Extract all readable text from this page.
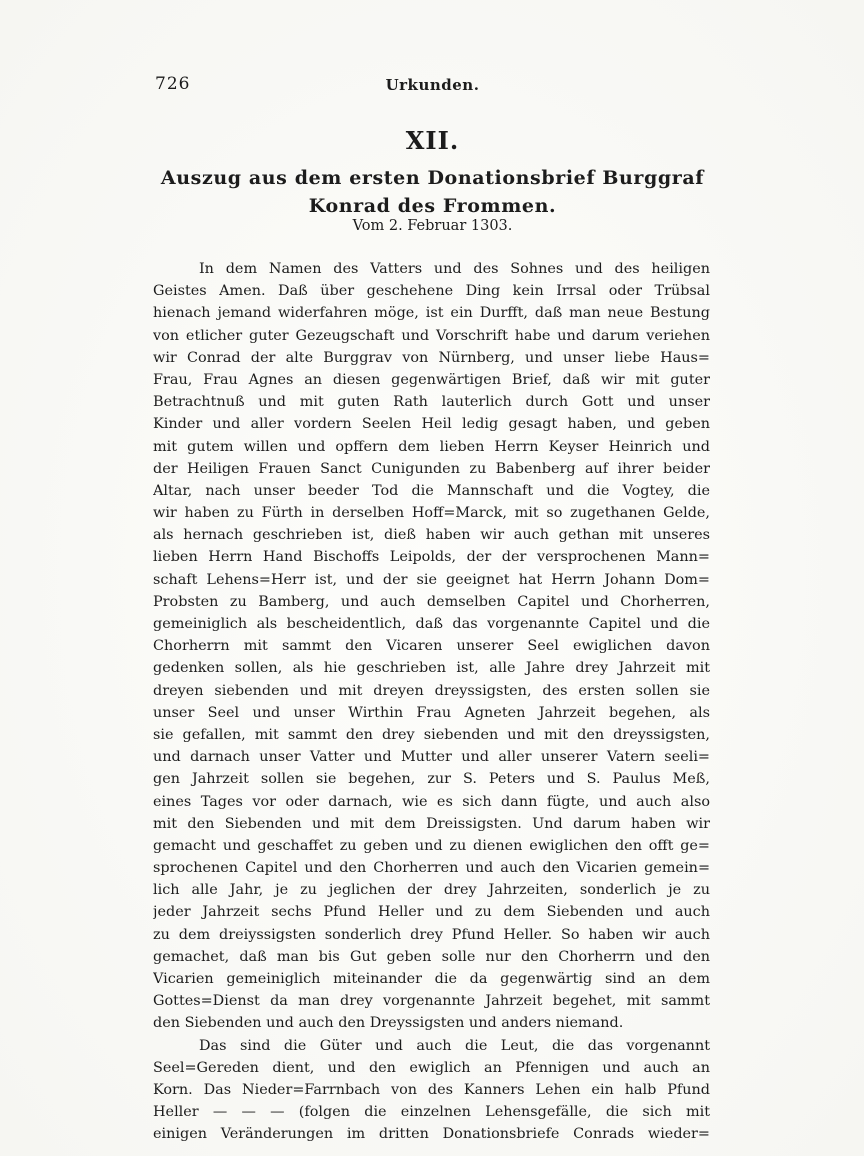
726	Urkunden.
XII.
Auszug aus dem ersten Donationsbrief Burggraf
Konrad des Frommen.
Vom 2. Februar 1303.
In dem Namen des Vatters und des Sohnes und des heiligen
Geistes Amen. Daß über geschehene Ding kein Irrsal oder Trübsal
hienach jemand widerfahren möge, ist ein Durfft, daß man neue Bestung
von etlicher guter Gezeugschaft und Vorschrift habe und darum veriehen
wir Conrad der alte Burggrav von Nürnberg, und unser liebe Haus=
Frau, Frau Agnes an diesen gegenwärtigen Brief, daß wir mit guter
Betrachtnuß und mit guten Rath lauterlich durch Gott und unser
Kinder und aller vordern Seelen Heil ledig gesagt haben, und geben
mit gutem willen und opffern dem lieben Herrn Keyser Heinrich und
der Heiligen Frauen Sanct Cunigunden zu Babenberg auf ihrer beider
Altar, nach unser beeder Tod die Mannschaft und die Vogtey, die
wir haben zu Fürth in derselben Hoff=Marck, mit so zugethanen Gelde,
als hernach geschrieben ist, dieß haben wir auch gethan mit unseres
lieben Herrn Hand Bischoffs Leipolds, der der versprochenen Mann=
schaft Lehens=Herr ist, und der sie geeignet hat Herrn Johann Dom=
Probsten zu Bamberg, und auch demselben Capitel und Chorherren,
gemeiniglich als bescheidentlich, daß das vorgenannte Capitel und die
Chorherrn mit sammt den Vicaren unserer Seel ewiglichen davon
gedenken sollen, als hie geschrieben ist, alle Jahre drey Jahrzeit mit
dreyen siebenden und mit dreyen dreyssigsten, des ersten sollen sie
unser Seel und unser Wirthin Frau Agneten Jahrzeit begehen, als
sie gefallen, mit sammt den drey siebenden und mit den dreyssigsten,
und darnach unser Vatter und Mutter und aller unserer Vatern seeli=
gen Jahrzeit sollen sie begehen, zur S. Peters und S. Paulus Meß,
eines Tages vor oder darnach, wie es sich dann fügte, und auch also
mit den Siebenden und mit dem Dreissigsten. Und darum haben wir
gemacht und geschaffet zu geben und zu dienen ewiglichen den offt ge=
sprochenen Capitel und den Chorherren und auch den Vicarien gemein=
lich alle Jahr, je zu jeglichen der drey Jahrzeiten, sonderlich je zu
jeder Jahrzeit sechs Pfund Heller und zu dem Siebenden und auch
zu dem dreiyssigsten sonderlich drey Pfund Heller. So haben wir auch
gemachet, daß man bis Gut geben solle nur den Chorherrn und den
Vicarien gemeiniglich miteinander die da gegenwärtig sind an dem
Gottes=Dienst da man drey vorgenannte Jahrzeit begehet, mit sammt
den Siebenden und auch den Dreyssigsten und anders niemand.
Das sind die Güter und auch die Leut, die das vorgenannt
Seel=Gereden dient, und den ewiglich an Pfennigen und auch an
Korn. Das Nieder=Farrnbach von des Kanners Lehen ein halb Pfund
Heller — — — (folgen die einzelnen Lehensgefälle, die sich mit
einigen Veränderungen im dritten Donationsbriefe Conrads wieder=
